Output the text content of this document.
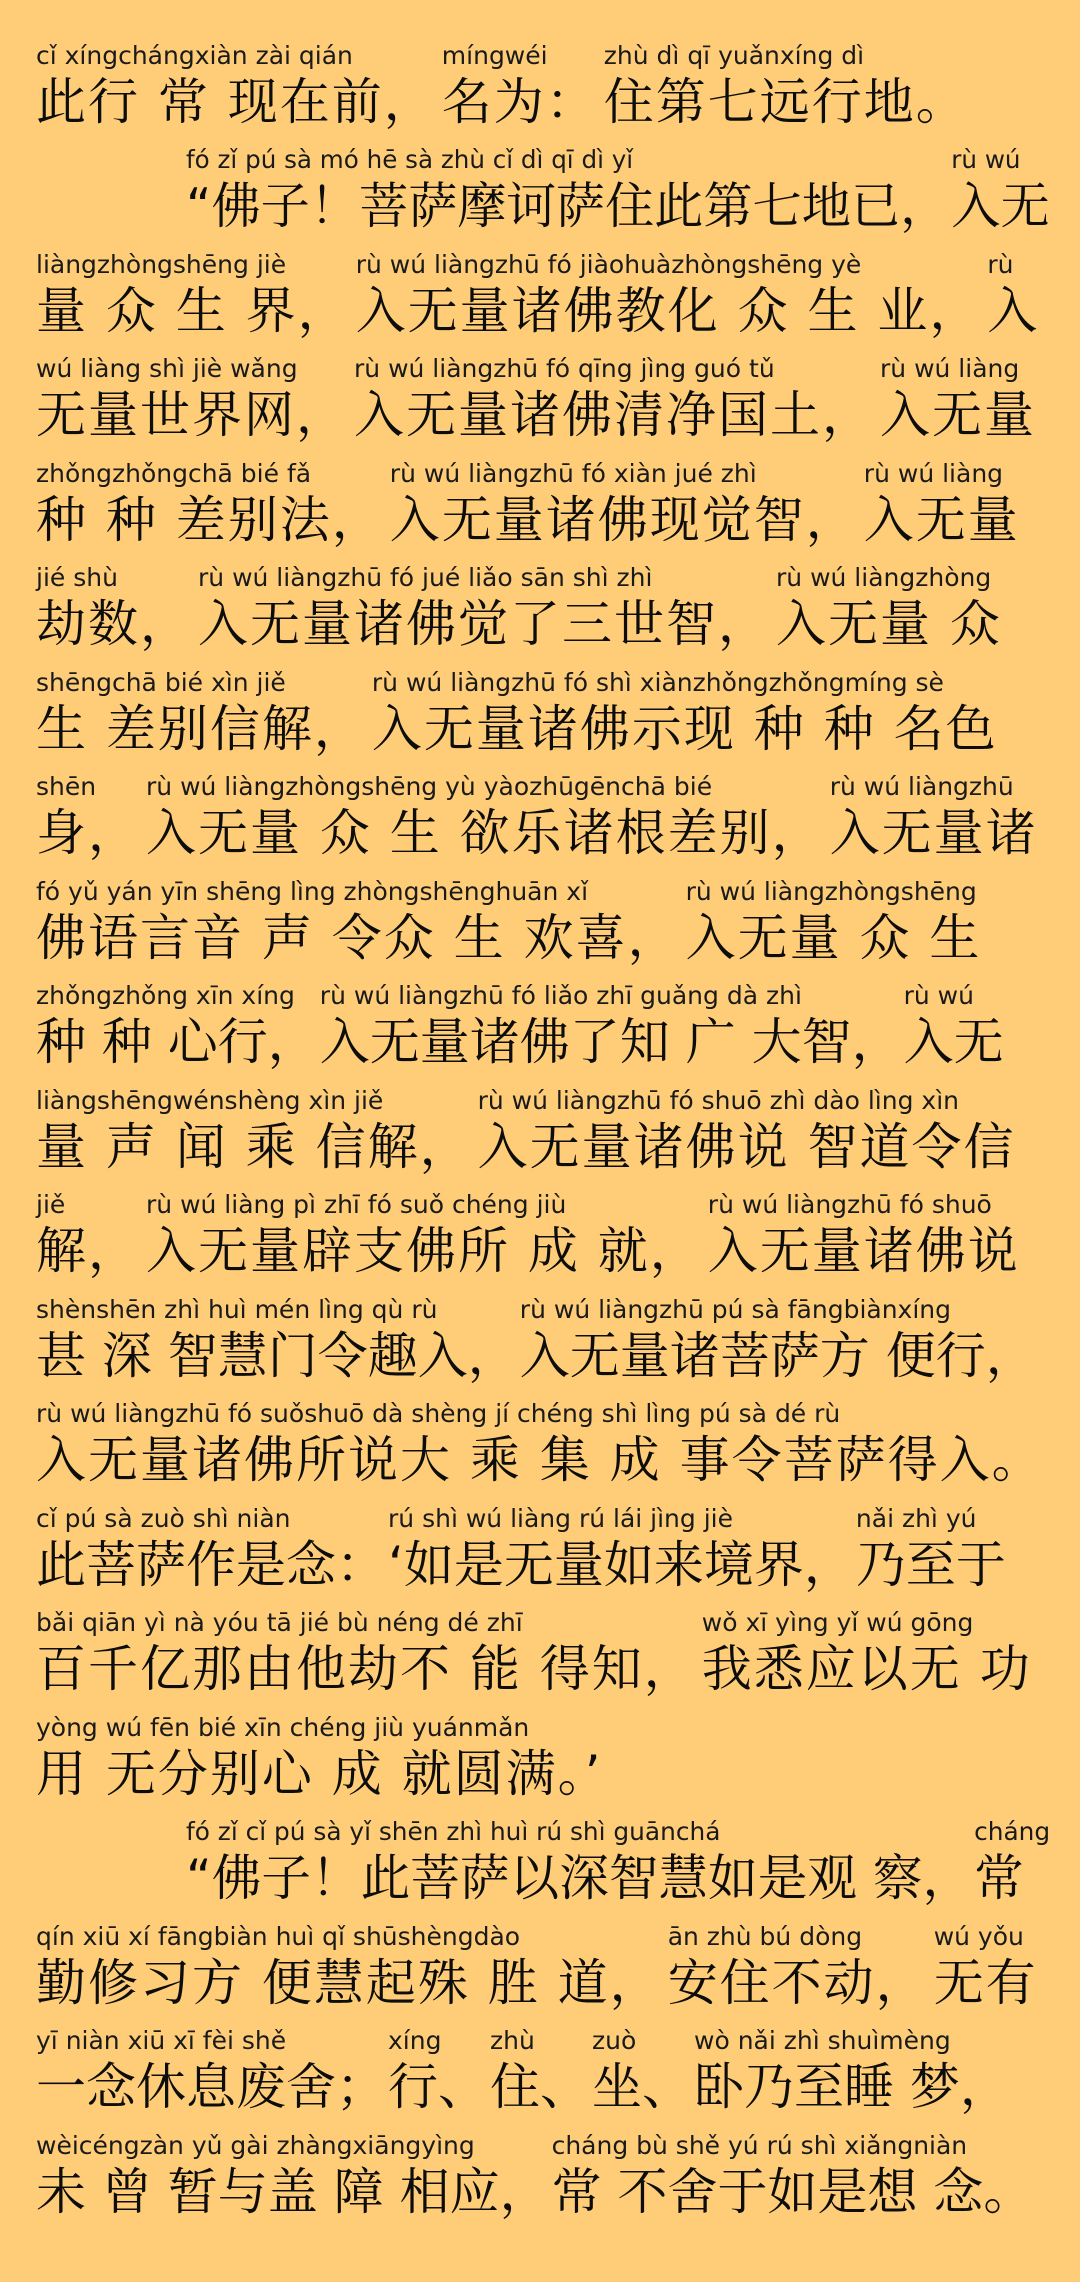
cǐ xíngchángxiàn zài qián
此行 常 现在前，
míngwéi
名为：
zhù dì qī yuǎnxíng dì
住第七远行地。
fó zǐ pú sà mó hē sà zhù cǐ dì qī dì yǐ
“佛子！菩萨摩诃萨住此第七地已，
rù wú
入无
liàngzhòngshēng jiè
量 众 生 界，
rù wú liàngzhū fó jiàohuàzhòngshēng yè
入无量诸佛教化 众 生 业，
rù
入
wú liàng shì jiè wǎng
无量世界网，
rù wú liàngzhū fó qīng jìng guó tǔ
入无量诸佛清净国土，
rù wú liàng
入无量
zhǒngzhǒngchā bié fǎ
种 种 差别法，
rù wú liàngzhū fó xiàn jué zhì
入无量诸佛现觉智，
rù wú liàng
入无量
jié shù
劫数，
rù wú liàngzhū fó jué liǎo sān shì zhì
入无量诸佛觉了三世智，
rù wú liàngzhòng
入无量 众
shēngchā bié xìn jiě
生 差别信解，
rù wú liàngzhū fó shì xiànzhǒngzhǒngmíng sè
入无量诸佛示现 种 种 名色
shēn
身，
rù wú liàngzhòngshēng yù yàozhūgēnchā bié
入无量 众 生 欲乐诸根差别，
rù wú liàngzhū
入无量诸
fó yǔ yán yīn shēng lìng zhòngshēnghuān xǐ
佛语言音 声 令众 生 欢喜，
rù wú liàngzhòngshēng
入无量 众 生
zhǒngzhǒng xīn xíng
种 种 心行，
rù wú liàngzhū fó liǎo zhī guǎng dà zhì
入无量诸佛了知 广 大智，
rù wú
入无
liàngshēngwénshèng xìn jiě
量 声 闻 乘 信解，
rù wú liàngzhū fó shuō zhì dào lìng xìn
入无量诸佛说 智道令信
jiě
解，
rù wú liàng pì zhī fó suǒ chéng jiù
入无量辟支佛所 成 就，
rù wú liàngzhū fó shuō
入无量诸佛说
shènshēn zhì huì mén lìng qù rù
甚 深 智慧门令趣入，
rù wú liàngzhū pú sà fāngbiànxíng
入无量诸菩萨方 便行，
rù wú liàngzhū fó suǒshuō dà shèng jí chéng shì lìng pú sà dé rù
入无量诸佛所说大 乘 集 成 事令菩萨得入。
cǐ pú sà zuò shì niàn
此菩萨作是念：
rú shì wú liàng rú lái jìng jiè
‘如是无量如来境界，
nǎi zhì yú
乃至于
bǎi qiān yì nà yóu tā jié bù néng dé zhī
百千亿那由他劫不 能 得知，
wǒ xī yìng yǐ wú gōng
我悉应以无 功
yòng wú fēn bié xīn chéng jiù yuánmǎn
用 无分别心 成 就圆满。’
fó zǐ cǐ pú sà yǐ shēn zhì huì rú shì guānchá
“佛子！此菩萨以深智慧如是观 察，
cháng
常
qín xiū xí fāngbiàn huì qǐ shūshèngdào
勤修习方 便慧起殊 胜 道，
ān zhù bú dòng
安住不动，
wú yǒu
无有
yī niàn xiū xī fèi shě
一念休息废舍；
xíng
行、
zhù
住、
zuò
坐、
wò nǎi zhì shuìmèng
卧乃至睡 梦，
wèicéngzàn yǔ gài zhàngxiāngyìng
未 曾 暂与盖 障 相应，
cháng bù shě yú rú shì xiǎngniàn
常 不舍于如是想 念。
